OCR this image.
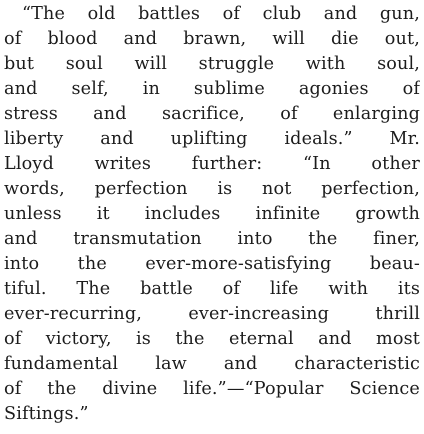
“The old battles of club and gun,
of blood and brawn, will die out,
but soul will struggle with soul,
and self, in sublime agonies of
stress and sacrifice, of enlarging
liberty and uplifting ideals.” Mr.
Lloyd writes further: “In other
words, perfection is not perfection,
unless it includes infinite growth
and transmutation into the finer,
into the ever-more-satisfying beau-
tiful. The battle of life with its
ever-recurring, ever-increasing thrill
of victory, is the eternal and most
fundamental law and characteristic
of the divine life.”—“Popular Science
Siftings.”
